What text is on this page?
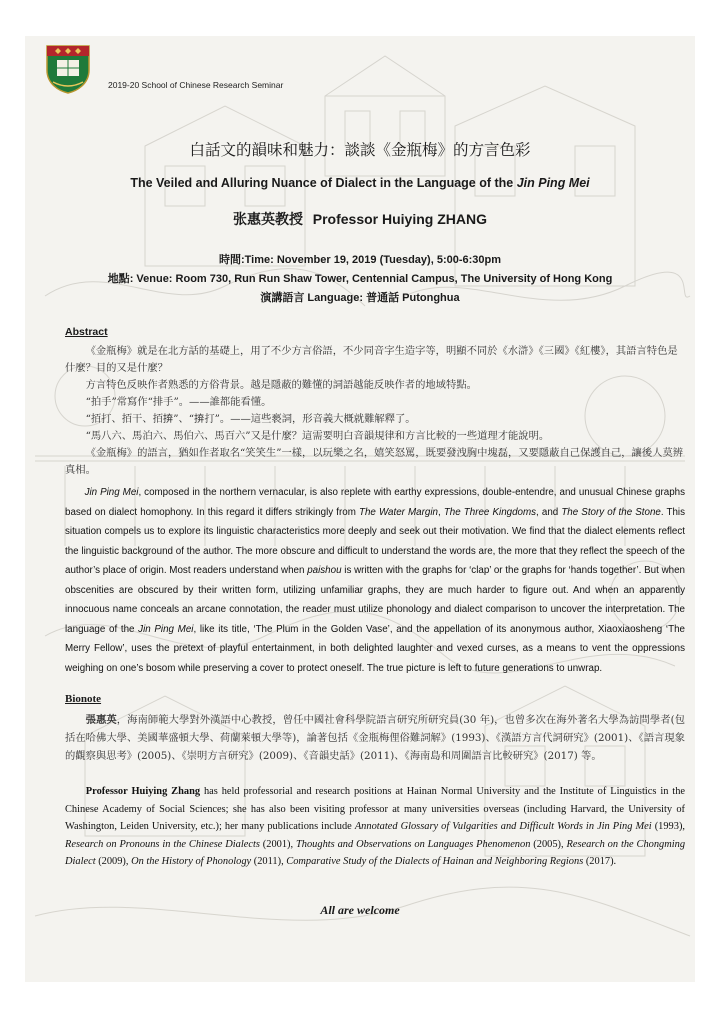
2019-20 School of Chinese Research Seminar
白話文的韻味和魅力：談談《金瓶梅》的方言色彩
The Veiled and Alluring Nuance of Dialect in the Language of the Jin Ping Mei
张惠英教授 Professor Huiying ZHANG
時間:Time: November 19, 2019 (Tuesday), 5:00-6:30pm
地點: Venue: Room 730, Run Run Shaw Tower, Centennial Campus, The University of Hong Kong
演講語言 Language: 普通話 Putonghua
Abstract

《金瓶梅》就是在北方話的基礎上，用了不少方言俗語，不少同音字生造字等，明顯不同於《水滸》《三國》《紅樓》，其語言特色是什麼？目的又是什麼？

方言特色反映作者熟悉的方俗背景。越是隱蔽的難懂的詞語越能反映作者的地域特點。

“拍手”常寫作“排手”。——誰都能看懂。

“𢫦打、𢫦干、𢫦𢬵”、“𢬵打”。——這些褻詞，形音義大概就難解釋了。

“馬八六、馬泊六、馬伯六、馬百六”又是什麼？這需要明白音韻規律和方言比較的一些道理才能說明。

《金瓶梅》的語言，猶如作者取名“笑笑生”一樣，以玩樂之名，嬉笑怒罵，既要發洩胸中塊磊，又要隱蔽自己保護自己，讓後人莫辨真相。

Jin Ping Mei, composed in the northern vernacular, is also replete with earthy expressions, double-entendre, and unusual Chinese graphs based on dialect homophony. In this regard it differs strikingly from The Water Margin, The Three Kingdoms, and The Story of the Stone. This situation compels us to explore its linguistic characteristics more deeply and seek out their motivation. We find that the dialect elements reflect the linguistic background of the author. The more obscure and difficult to understand the words are, the more that they reflect the speech of the author’s place of origin. Most readers understand when paishou is written with the graphs for ‘clap’ or the graphs for ‘hands together’. But when obscenities are obscured by their written form, utilizing unfamiliar graphs, they are much harder to figure out. And when an apparently innocuous name conceals an arcane connotation, the reader must utilize phonology and dialect comparison to uncover the interpretation. The language of the Jin Ping Mei, like its title, ‘The Plum in the Golden Vase’, and the appellation of its anonymous author, Xiaoxiaosheng ‘The Merry Fellow’, uses the pretext of playful entertainment, in both delighted laughter and vexed curses, as a means to vent the oppressions weighing on one’s bosom while preserving a cover to protect oneself. The true picture is left to future generations to unwrap.

Bionote

張惠英，海南師範大學對外漢語中心教授，曾任中國社會科學院語言研究所研究員(30 年)，也曾多次在海外著名大學為訪問學者(包括在哈佛大學、美國華盛頓大學、荷蘭萊頓大學等)，論著包括《金瓶梅俚俗難詞解》(1993)、《漢語方言代詞研究》(2001)、《語言現象的觀察與思考》(2005)、《崇明方言研究》(2009)、《音韻史話》(2011)、《海南島和周圍語言比較研究》(2017) 等。

Professor Huiying Zhang has held professorial and research positions at Hainan Normal University and the Institute of Linguistics in the Chinese Academy of Social Sciences; she has also been visiting professor at many universities overseas (including Harvard, the University of Washington, Leiden University, etc.); her many publications include Annotated Glossary of Vulgarities and Difficult Words in Jin Ping Mei (1993), Research on Pronouns in the Chinese Dialects (2001), Thoughts and Observations on Languages Phenomenon (2005), Research on the Chongming Dialect (2009), On the History of Phonology (2011), Comparative Study of the Dialects of Hainan and Neighboring Regions (2017).

All are welcome
